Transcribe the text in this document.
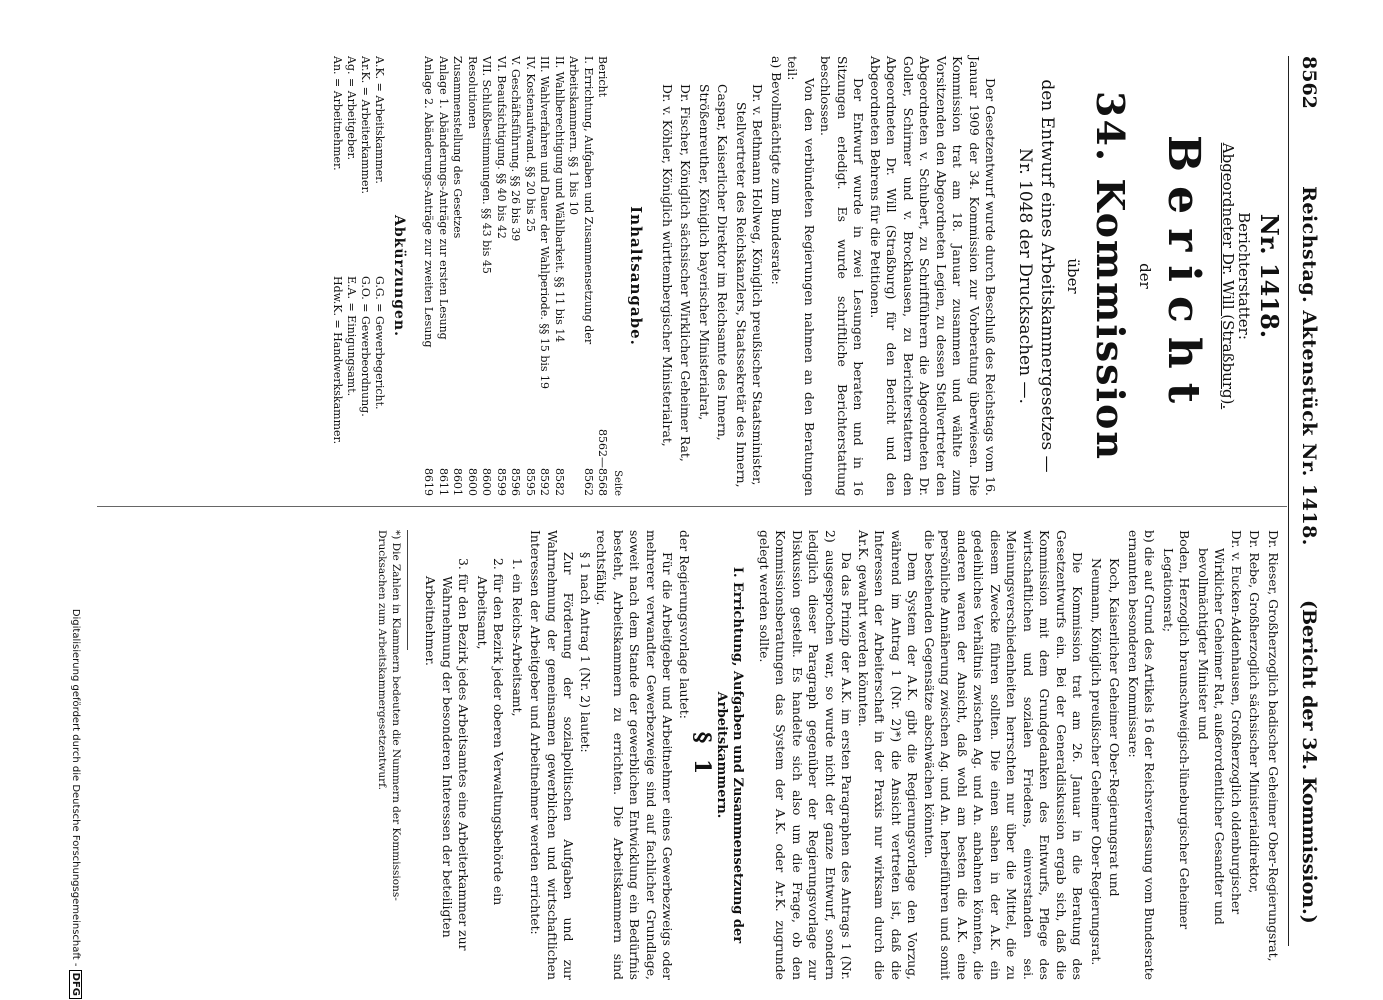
8562
Reichstag. Aktenstück Nr. 1418.
(Bericht der 34. Kommission.)
Nr. 1418.
Berichterstatter:
Abgeordneter Dr. Will (Straßburg).
Bericht
der
34. Kommission
über
den Entwurf eines Arbeitskammergesetzes —
Nr. 1048 der Drucksachen —.

Der Gesetzentwurf wurde durch Beschluß des Reichstags vom 16. Januar 1909 der 34. Kommission zur Vorberatung überwiesen. Die Kommission trat am 18. Januar zusammen und wählte zum Vorsitzenden den Abgeordneten Legien, zu dessen Stellvertreter den Abgeordneten v. Schubert, zu Schriftführern die Abgeordneten Dr. Goller, Schirmer und v. Brockhausen, zu Berichterstattern den Abgeordneten Dr. Will (Straßburg) für den Bericht und den Abgeordneten Behrens für die Petitionen.

Der Entwurf wurde in zwei Lesungen beraten und in 16 Sitzungen erledigt. Es wurde schriftliche Berichterstattung beschlossen.

Von den verbündeten Regierungen nahmen an den Beratungen teil:

a) Bevollmächtigte zum Bundesrate:

Dr. v. Bethmann Hollweg, Königlich preußischer Staatsminister, Stellvertreter des Reichskanzlers, Staatssekretär des Innern,
Caspar, Kaiserlicher Direktor im Reichsamte des Innern,
Strößenreuther, Königlich bayerischer Ministerialrat,
Dr. Fischer, Königlich sächsischer Wirklicher Geheimer Rat,
Dr. v. Köhler, Königlich württembergischer Ministerialrat,
Inhaltsangabe.
Seite
Bericht
8562—8568
I. Errichtung, Aufgaben und Zusammensetzung der Arbeitskammern. §§ 1 bis 10
8562
II. Wahlberechtigung und Wählbarkeit. §§ 11 bis 14
8582
III. Wahlverfahren und Dauer der Wahlperiode. §§ 15 bis 19
8592
IV. Kostenaufwand. §§ 20 bis 25
8595
V. Geschäftsführung. §§ 26 bis 39
8596
VI. Beaufsichtigung. §§ 40 bis 42
8599
VII. Schlußbestimmungen. §§ 43 bis 45
8600
Resolutionen
8600
Zusammenstellung des Gesetzes
8601
Anlage 1. Abänderungs-Anträge zur ersten Lesung
8611
Anlage 2. Abänderungs-Anträge zur zweiten Lesung
8619
Abkürzungen.
A.K. = Arbeitskammer.
Ar.K. = Arbeiterkammer.
Ag. = Arbeitgeber.
An. = Arbeitnehmer.
G.G. = Gewerbegericht.
G.O. = Gewerbeordnung.
E.A. = Einigungsamt.
Hdw.K. = Handwerkskammer.
Dr. Rieser, Großherzoglich badischer Geheimer Ober-Regierungsrat,
Dr. Rebe, Großherzoglich sächsischer Ministerialdirektor,
Dr. v. Eucken-Addenhausen, Großherzoglich oldenburgischer Wirklicher Geheimer Rat, außerordentlicher Gesandter und bevollmächtigter Minister und
Boden, Herzoglich braunschweigisch-lüneburgischer Geheimer Legationsrat;

b) die auf Grund des Artikels 16 der Reichsverfassung vom Bundesrate ernannten besonderen Kommissare:

Koch, Kaiserlicher Geheimer Ober-Regierungsrat und
Neumann, Königlich preußischer Geheimer Ober-Regierungsrat.

Die Kommission trat am 26. Januar in die Beratung des Gesetzentwurfs ein. Bei der Generaldiskussion ergab sich, daß die Kommission mit dem Grundgedanken des Entwurfs, Pflege des wirtschaftlichen und sozialen Friedens, einverstanden sei. Meinungsverschiedenheiten herrschten nur über die Mittel, die zu diesem Zwecke führen sollten. Die einen sahen in der A.K. ein gedeihliches Verhältnis zwischen Ag. und An. anbahnen könnten, die anderen waren der Ansicht, daß wohl am besten die A.K. eine persönliche Annäherung zwischen Ag. und An. herbeiführen und somit die bestehenden Gegensätze abschwächen könnten.

Dem System der A.K. gibt die Regierungsvorlage den Vorzug, während im Antrag 1 (Nr. 2)*) die Ansicht vertreten ist, daß die Interessen der Arbeiterschaft in der Praxis nur wirksam durch die Ar.K. gewahrt werden könnten.

Da das Prinzip der A.K. im ersten Paragraphen des Antrags 1 (Nr. 2) ausgesprochen war, so wurde nicht der ganze Entwurf, sondern lediglich dieser Paragraph gegenüber der Regierungsvorlage zur Diskussion gestellt. Es handelte sich also um die Frage, ob den Kommissionsberatungen das System der A.K. oder Ar.K. zugrunde gelegt werden sollte.

I. Errichtung, Aufgaben und Zusammensetzung der Arbeitskammern.
§ 1

der Regierungsvorlage lautet:

Für die Arbeitgeber und Arbeitnehmer eines Gewerbezweigs oder mehrerer verwandter Gewerbezweige sind auf fachlicher Grundlage, soweit nach dem Stande der gewerblichen Entwicklung ein Bedürfnis besteht, Arbeitskammern zu errichten. Die Arbeitskammern sind rechtsfähig.

§ 1 nach Antrag 1 (Nr. 2) lautet:

Zur Förderung der sozialpolitischen Aufgaben und zur Wahrnehmung der gemeinsamen gewerblichen und wirtschaftlichen Interessen der Arbeitgeber und Arbeitnehmer werden errichtet:

1. ein Reichs-Arbeitsamt,
2. für den Bezirk jeder oberen Verwaltungsbehörde ein Arbeitsamt,
3. für den Bezirk jedes Arbeitsamtes eine Arbeiterkammer zur Wahrnehmung der besonderen Interessen der beteiligten Arbeitnehmer.
*) Die Zahlen in Klammern bedeuten die Nummern der Kommissions-Drucksachen zum Arbeitskammergesetzentwurf.
Digitalisierung gefördert durch die Deutsche Forschungsgemeinschaft - DFG
